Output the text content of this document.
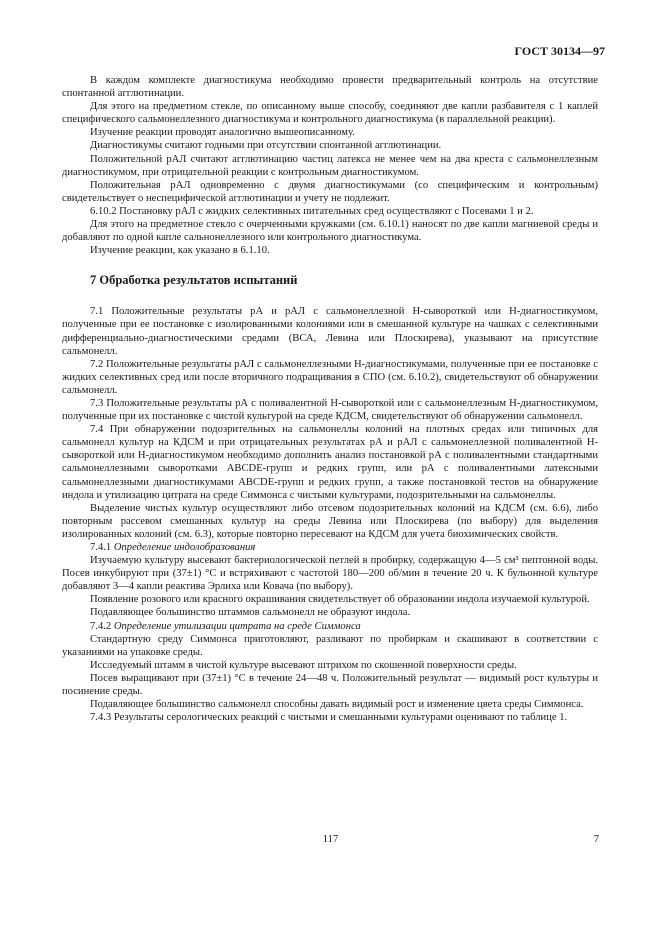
ГОСТ 30134—97

В каждом комплекте диагностикума необходимо провести предварительный контроль на отсутствие спонтанной агглютинации.

Для этого на предметном стекле, по описанному выше способу, соединяют две капли разбавителя с 1 каплей специфического сальмонеллезного диагностикума и контрольного диагностикума (в параллельной реакции).

Изучение реакции проводят аналогично вышеописанному.

Диагностикумы считают годными при отсутствии спонтанной агглютинации.

Положительной рАЛ считают агглютинацию частиц латекса не менее чем на два креста с сальмонеллезным диагностикумом, при отрицательной реакции с контрольным диагностикумом.

Положительная рАЛ одновременно с двумя диагностикумами (со специфическим и контрольным) свидетельствует о неспецифической агглютинации и учету не подлежит.

6.10.2 Постановку рАЛ с жидких селективных питательных сред осуществляют с Посевами 1 и 2.

Для этого на предметное стекло с очерченными кружками (см. 6.10.1) наносят по две капли магниевой среды и добавляют по одной капле сальнонеллезного или контрольного диагностикума.

Изучение реакции, как указано в 6.1.10.

7 Обработка результатов испытаний

7.1 Положительные результаты рА и рАЛ с сальмонеллезной Н-сывороткой или Н-диагностикумом, полученные при ее постановке с изолированными колониями или в смешанной культуре на чашках с селективными дифференциально-диагностическими средами (ВСА, Левина или Плоскирева), указывают на присутствие сальмонелл.

7.2 Положительные результаты рАЛ с сальмонеллезными Н-диагностикумами, полученные при ее постановке с жидких селективных сред или после вторичного подращивания в СПО (см. 6.10.2), свидетельствуют об обнаружении сальмонелл.

7.3 Положительные результаты рА с поливалентной Н-сывороткой или с сальмонеллезным Н-диагностикумом, полученные при их постановке с чистой культурой на среде КДСМ, свидетельствуют об обнаружении сальмонелл.

7.4 При обнаружении подозрительных на сальмонеллы колоний на плотных средах или типичных для сальмонелл культур на КДСМ и при отрицательных результатах рА и рАЛ с сальмонеллезной поливалентной Н-сывороткой или Н-диагностикумом необходимо дополнить анализ постановкой рА с поливалентными стандартными сальмонеллезными сыворотками ABCDE-групп и редких групп, или рА с поливалентными латексными сальмонеллезными диагностикумами ABCDE-групп и редких групп, а также постановкой тестов на обнаружение индола и утилизацию цитрата на среде Симмонса с чистыми культурами, подозрительными на сальмонеллы.

Выделение чистых культур осуществляют либо отсевом подозрительных колоний на КДСМ (см. 6.6), либо повторным рассевом смешанных культур на среды Левина или Плоскирева (по выбору) для выделения изолированных колоний (см. 6.3), которые повторно пересевают на КДСМ для учета биохимических свойств.

7.4.1 Определение индолобразования

Изучаемую культуру высевают бактериологической петлей в пробирку, содержащую 4—5 см³ пептонной воды. Посев инкубируют при (37±1) °С и встряхивают с частотой 180—200 об/мин в течение 20 ч. К бульонной культуре добавляют 3—4 капли реактива Эрлиха или Ковача (по выбору).

Появление розового или красного окрашивания свидетельствует об образовании индола изучаемой культурой.

Подавляющее большинство штаммов сальмонелл не образуют индола.

7.4.2 Определение утилизации цитрата на среде Симмонса

Стандартную среду Симмонса приготовляют, разливают по пробиркам и скашивают в соответствии с указаниями на упаковке среды.

Исследуемый штамм в чистой культуре высевают штрихом по скошенной поверхности среды.

Посев выращивают при (37±1) °С в течение 24—48 ч. Положительный результат — видимый рост культуры и посинение среды.

Подавляющее большинство сальмонелл способны давать видимый рост и изменение цвета среды Симмонса.

7.4.3 Результаты серологических реакций с чистыми и смешанными культурами оценивают по таблице 1.

117	7
